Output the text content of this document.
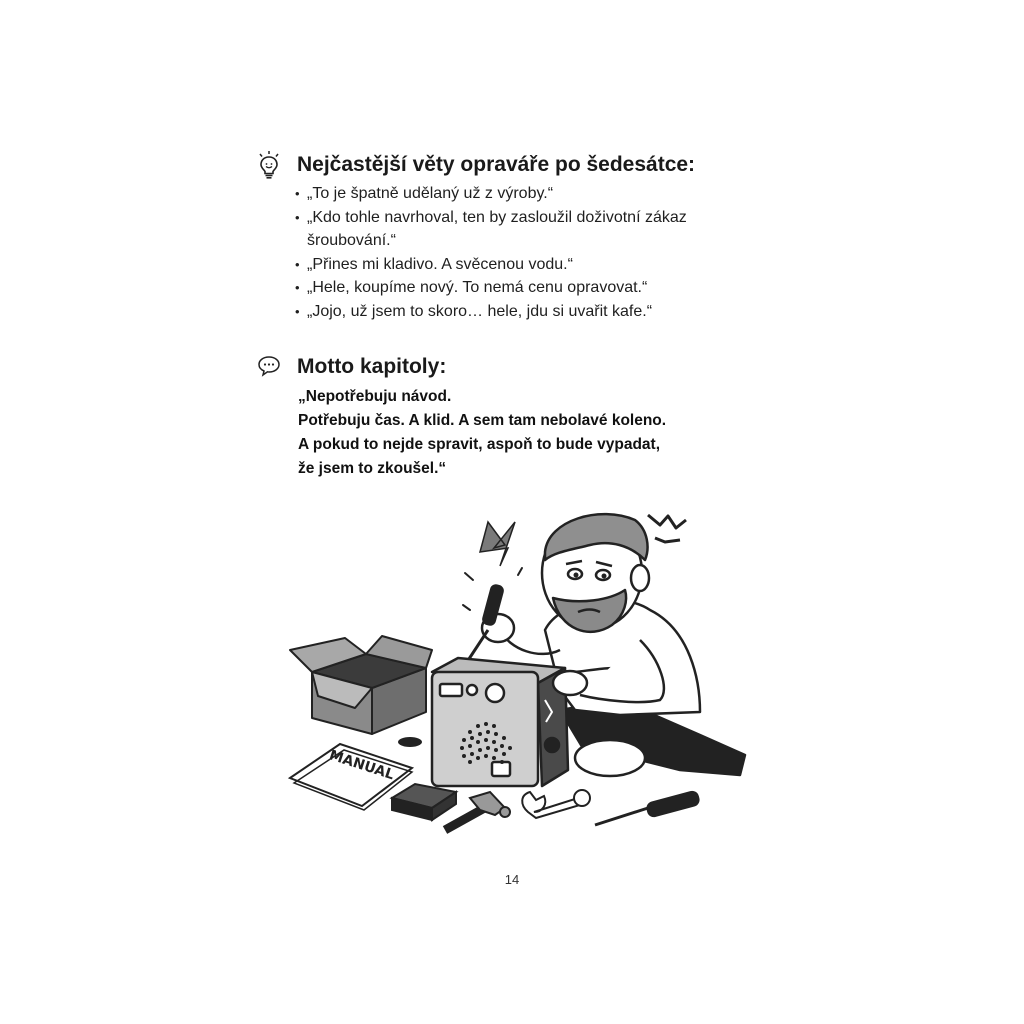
Nejčastější věty opraváře po šedesátce:
• „To je špatně udělaný už z výroby.“
• „Kdo tohle navrhoval, ten by zasloužil doživotní zákaz šroubování.“
• „Přines mi kladivo. A svěcenou vodu.“
• „Hele, koupíme nový. To nemá cenu opravovat.“
• „Jojo, už jsem to skoro… hele, jdu si uvařit kafe.“
Motto kapitoly:
„Nepotřebuju návod.
Potřebuju čas. A klid. A sem tam nebolavé koleno.
A pokud to nejde spravit, aspoň to bude vypadat,
že jsem to zkoušel.“
MANUAL
14
